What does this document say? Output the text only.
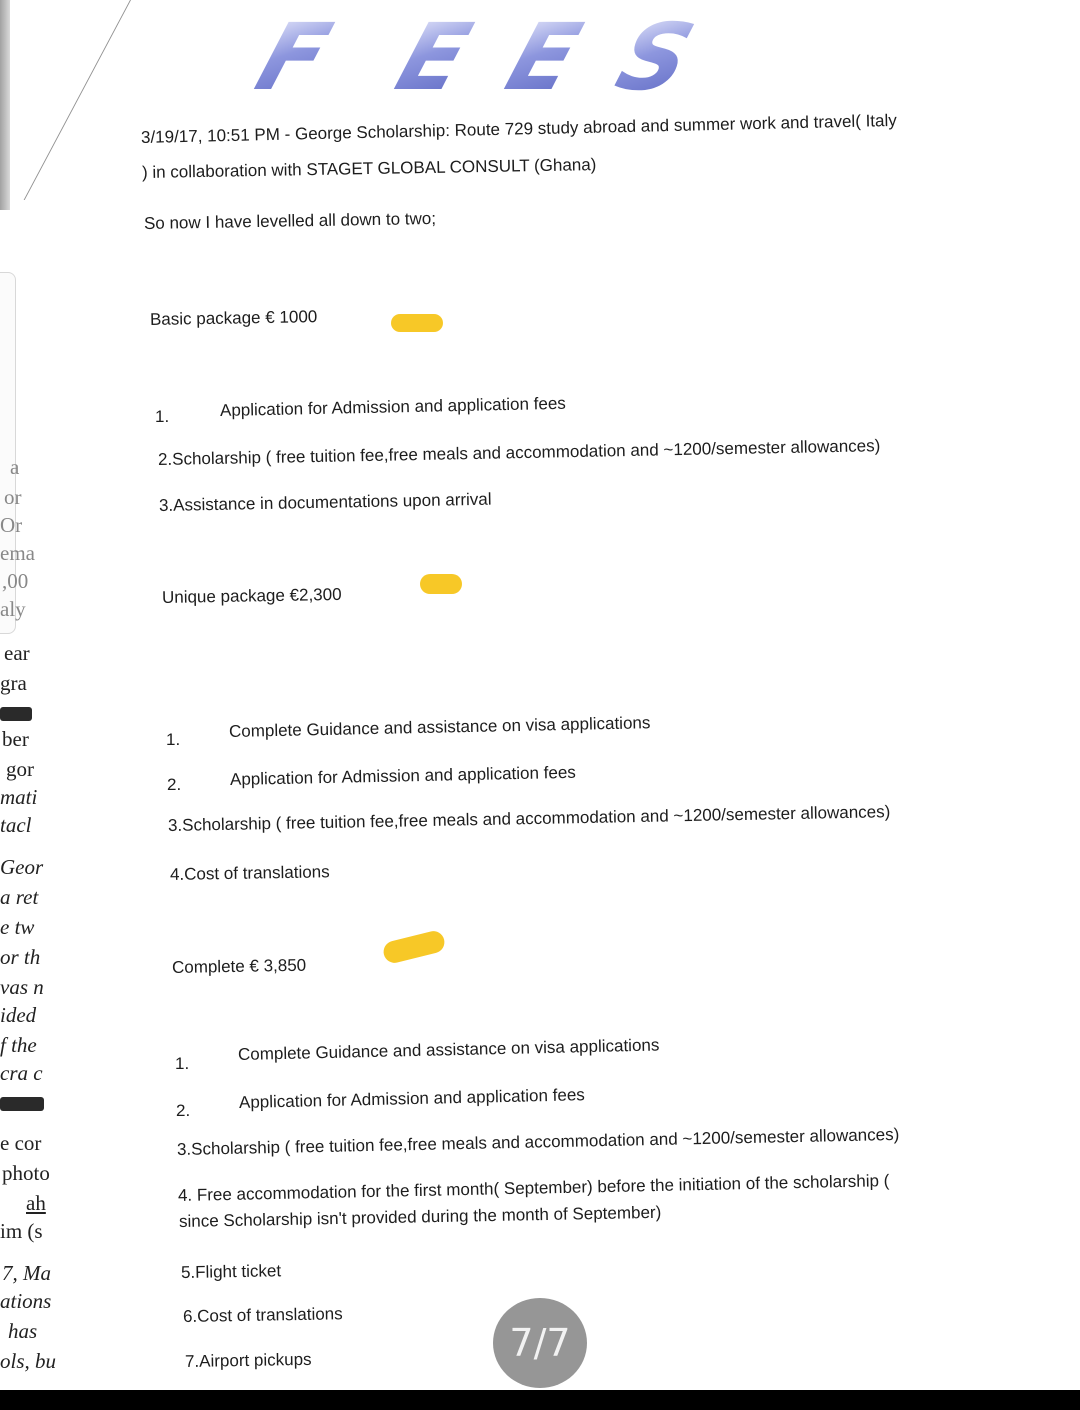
a
or
Or
ema
,00
aly
ear
gra
ber
gor
mati
tacl
Geor
a ret
e tw
or th
vas n
ided
f the
cra c
e cor
photo
ah
im (s
7, Ma
ations
has
ols, bu
F E E S
3/19/17, 10:51 PM - George Scholarship: Route 729 study abroad and summer work and travel( Italy
) in collaboration with STAGET GLOBAL CONSULT (Ghana)
So now I have levelled all down to two;
Basic package € 1000
1.	Application for Admission and application fees
2.Scholarship ( free tuition fee,free meals and accommodation and ~1200/semester allowances)
3.Assistance in documentations upon arrival
Unique package €2,300
1.	Complete Guidance and assistance on visa applications
2.	Application for Admission and application fees
3.Scholarship ( free tuition fee,free meals and accommodation and ~1200/semester allowances)
4.Cost of translations
Complete € 3,850
1.	Complete Guidance and assistance on visa applications
2.	Application for Admission and application fees
3.Scholarship ( free tuition fee,free meals and accommodation and ~1200/semester allowances)
4. Free accommodation for the first month( September) before the initiation of the scholarship (
since Scholarship isn't provided during the month of September)
5.Flight ticket
6.Cost of translations
7.Airport pickups	7/7
